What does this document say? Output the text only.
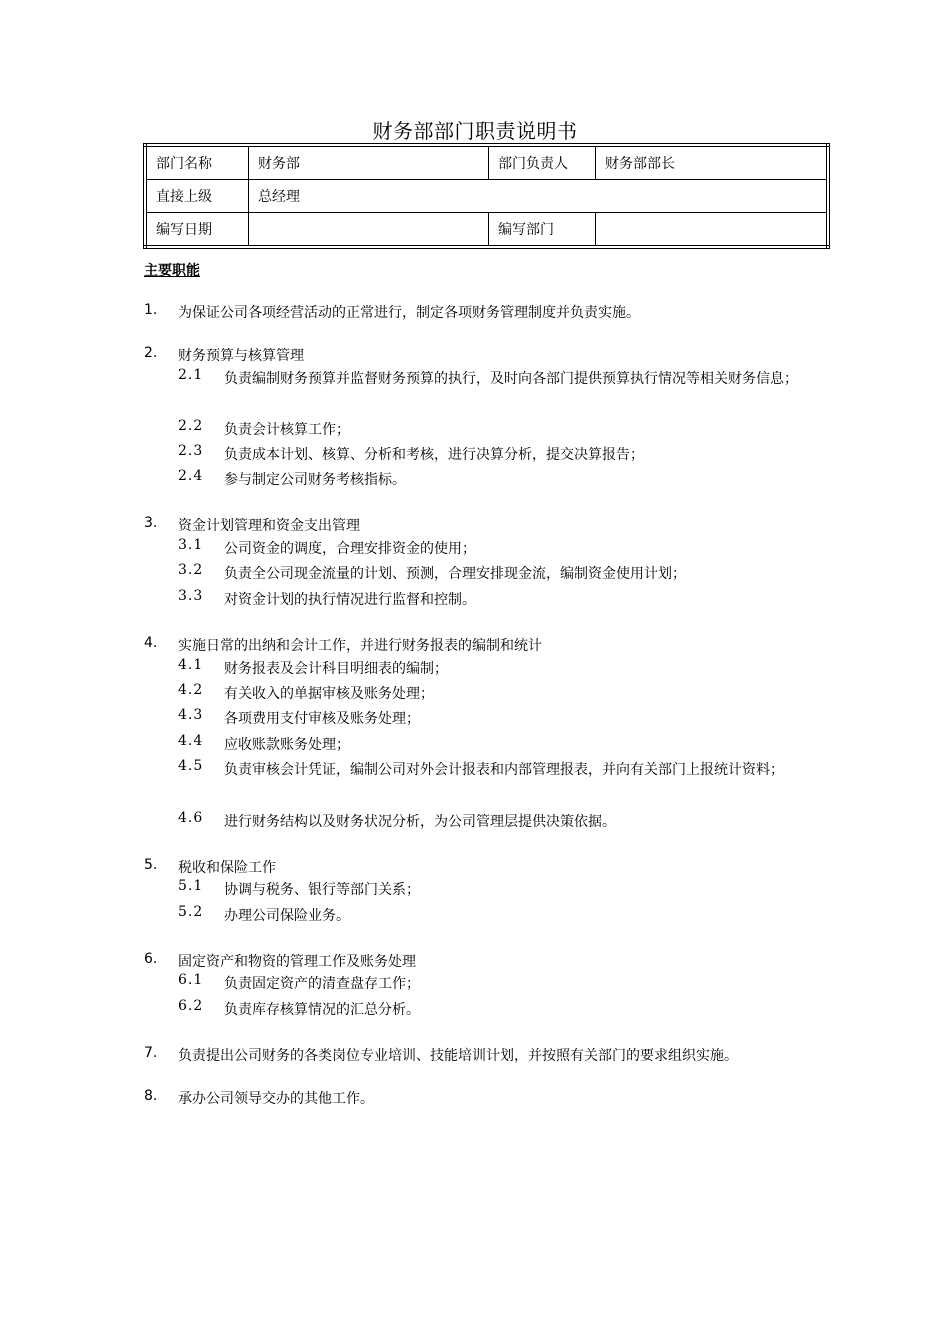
财务部部门职责说明书
部门名称	财务部	部门负责人	财务部部长
直接上级	总经理		
编写日期		编写部门	
主要职能
1.	为保证公司各项经营活动的正常进行，制定各项财务管理制度并负责实施。
2.	财务预算与核算管理
2.1	负责编制财务预算并监督财务预算的执行，及时向各部门提供预算执行情况等相关财务信息；
2.2	负责会计核算工作；
2.3	负责成本计划、核算、分析和考核，进行决算分析，提交决算报告；
2.4	参与制定公司财务考核指标。
3.	资金计划管理和资金支出管理
3.1	公司资金的调度，合理安排资金的使用；
3.2	负责全公司现金流量的计划、预测，合理安排现金流，编制资金使用计划；
3.3	对资金计划的执行情况进行监督和控制。
4.	实施日常的出纳和会计工作，并进行财务报表的编制和统计
4.1	财务报表及会计科目明细表的编制；
4.2	有关收入的单据审核及账务处理；
4.3	各项费用支付审核及账务处理；
4.4	应收账款账务处理；
4.5	负责审核会计凭证，编制公司对外会计报表和内部管理报表，并向有关部门上报统计资料；
4.6	进行财务结构以及财务状况分析，为公司管理层提供决策依据。
5.	税收和保险工作
5.1	协调与税务、银行等部门关系；
5.2	办理公司保险业务。
6.	固定资产和物资的管理工作及账务处理
6.1	负责固定资产的清查盘存工作；
6.2	负责库存核算情况的汇总分析。
7.	负责提出公司财务的各类岗位专业培训、技能培训计划，并按照有关部门的要求组织实施。
8.	承办公司领导交办的其他工作。
